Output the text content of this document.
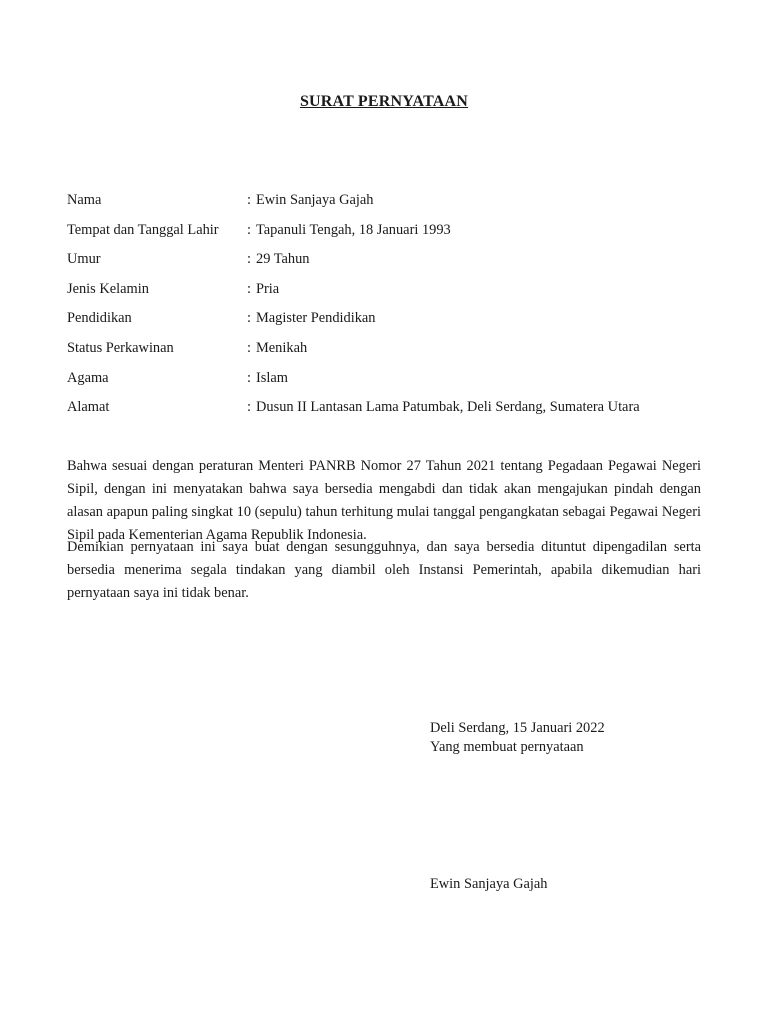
SURAT PERNYATAAN
Nama	: Ewin Sanjaya Gajah
Tempat dan Tanggal Lahir : Tapanuli Tengah, 18 Januari 1993
Umur	: 29 Tahun
Jenis Kelamin	: Pria
Pendidikan	: Magister Pendidikan
Status Perkawinan	: Menikah
Agama	: Islam
Alamat	: Dusun II Lantasan Lama Patumbak, Deli Serdang, Sumatera Utara

Bahwa sesuai dengan peraturan Menteri PANRB Nomor 27 Tahun 2021 tentang Pegadaan Pegawai Negeri Sipil, dengan ini menyatakan bahwa saya bersedia mengabdi dan tidak akan mengajukan pindah dengan alasan apapun paling singkat 10 (sepulu) tahun terhitung mulai tanggal pengangkatan sebagai Pegawai Negeri Sipil pada Kementerian Agama Republik Indonesia.

Demikian pernyataan ini saya buat dengan sesungguhnya, dan saya bersedia dituntut dipengadilan serta bersedia menerima segala tindakan yang diambil oleh Instansi Pemerintah, apabila dikemudian hari pernyataan saya ini tidak benar.

Deli Serdang, 15 Januari 2022
Yang membuat pernyataan
Ewin Sanjaya Gajah
